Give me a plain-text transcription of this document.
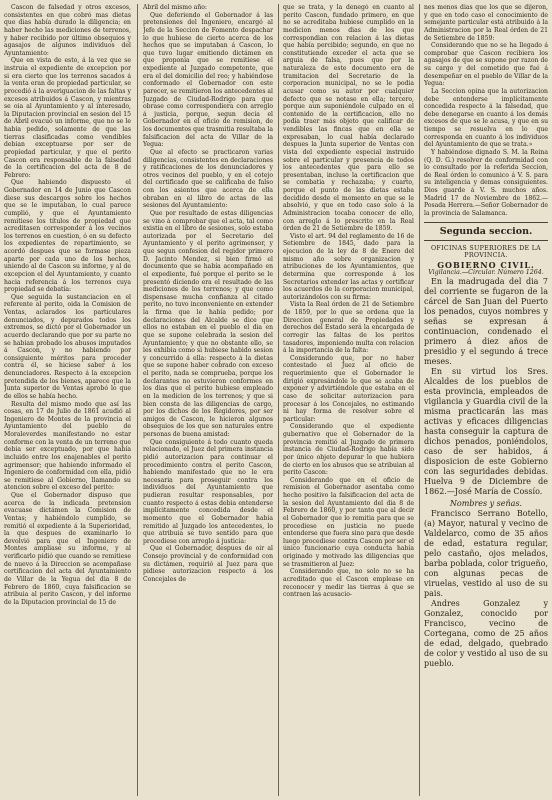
Cascon de falsedad y otros excesos, consistentes en que cobró mas dietas que dias había durado la diligencia; en haber hecho las mediciones de terrenos, y haber recibido por último obsequios y agasajos de algunos individuos del Ayuntamiento:

Que en vista de esto, á la vez que se instruia el expediente de excepcion por si era cierto que los terrenos sacados á la venta eran de propiedad particular, se procedió á la averiguacion de las faltas y excesos atribuidos á Cascon, y mientras se oia al Ayuntamiento y al interesado, la Diputacion provincial en sesion del 15 de Abril evacuó un informe, que no se le habia pedido, solamente de que las tierras clasificadas como vendibles debian exceptuarse por ser de propiedad particular, y que el perito Cascon era responsable de la falsedad de la certificacion del acta de 8 de Febrero:

Que habiendo dispuesto el Gobernador en 14 de Junio que Cascon diese sus descargos sobre los hechos que se le imputaban, lo cual parece cumplió, y que el Ayuntamiento remitiese los títulos de propiedad que acreditasen corresponder á los vecinos los terrenos en cuestion, ó en su defecto los expedientes de repartimiento, se acordó despues que se formase pieza aparte por cada uno de los hechos, uniendo al de Cascon su informe, y al de excepcion el del Ayuntamiento, y cuanto hacia referencia á los terrenos cuya propiedad se debatía:

Que seguida la sustanciacion en el referente al perito, oida la Comision de Ventas, aclarados los particulares denunciados, y depurados todos los extremos, se dictó por el Gobernador un acuerdo declarando que por su parte no se habian probado los abusos imputados á Cascon, y no habiendo por consiguiente méritos para proceder contra él, se hiciese saber á los denunciadores. Respecto á la excepcion pretendida de los bienes, aparece que la Junta superior de Ventas aprobó lo que de ellos se había hecho.

Resulta del mismo modo que así las cosas, en 17 de Julio de 1861 acudió al Ingeniero de Montes de la provincia el Ayuntamiento del pueblo de Moraleverdes manifestando no estar conforme con la venta de un terreno que debia ser exceptuado, por que había incluido entre los enajenables el perito agrimensor; que habiendo informado el Ingeniero de conformidad con ella, pidió se remitiese al Gobierno, llamando su atencion sobre el exceso del perito:

Que el Gobernador dispuso que acerca de la indicada pretension evacuase dictámen la Comision de Ventas; y habiéndolo cumplido, se remitió el expediente á la Superioridad, la que despues de examinarlo lo devolvió para que el Ingeniero de Montes ampliase su informe, y al verificarlo pidió que cuando se remitiese de nuevo á la Direccion se acompañase certificacion del acta del Ayuntamiento de Villar de la Yegua del dia 8 de Febrero de 1860, cuya falsificacion se atribuia al perito Cascon, y del informe de la Diputacion provincial de 15 de

Abril del mismo año:

Que deferiendo el Gobernador á las pretensiones del Ingeniero, encargó al Jefe de la Seccion de Fomento despachar lo que hubiese de cierto acerca de los hechos que se imputaban á Cascon, lo que tuvo lugar emitiendo dictámen en que proponia que se remitiese el expediente al Juzgado competente, que era el del domicilio del reo; y habiéndose conformado el Gobernador con este parecer, se remitieron los antecedentes al Juzgado de Ciudad-Rodrigo para que obrase como correspondiera con arreglo á justicia, porque, segun decia el Gobernador en el oficio de remision, de los documentos que trasmitia resultaba la falsificacion del acta de Villar de la Yegua:

Que al efecto se practicaron varias diligencias, consistentes en declaraciones y ratificaciones de los denunciadores y otros vecinos del pueblo, y en el cotejo del certificado que se calificaba de falso con los asientos que acerca de ella obraban en el libro de actas de las sesiones del Ayuntamiento:

Que por resultado de estas diligencias se vino á comprobar que el acta, tal como existia en el libro de sesiones, solo estaba autorizada por el Secretario del Ayuntamiento y el perito agrimensor, y que segun confesion del regidor primero D. Jacinto Mendez, si bien firmó el documento que se había acompañado en el expediente, fué porque el perito se le presentó diciendo era el resultado de las mediciones de los terrenos; y que como dispensase mucha confianza al citado perito, no tuvo inconveniente en extender la firma que le había pedido; por declaraciones del Alcalde se dice que ellos no estaban en el pueblo el dia en que se supone celebrada la sesion del Ayuntamiento; y que no obstante ello, se les exhibia como si hubiese habido sesion y concurrido á ella: respecto á la dietas que se supone haber cobrado con exceso el perito, nada se comprueba, porque los declarantes no estuvieron conformes en los dias que el perito hubiese empleado en la medicion de los terrenos; y que si bien consta de las diligencias de cargo, por los dichos de los Regidores, por ser amigos de Cascon, le hicieron algunos obsequios de los que son naturales entre personas de buena amistad:

Que consiguiente á todo cuanto queda relacionado, el Juez del primera instancia pidió autorizacion para continuar el procedimiento contra el perito Cascon, habiendo manifestado que no le era necesaria para proseguir contra los individuos del Ayuntamiento que pudieran resultar responsables, por cuanto respecto á estas debia entenderse implícitamente concedida desde el momento que el Gobernador había remitido al Juzgado los antecedentes, lo que atribuia se tuvo sentido para que procediese con arreglo á justicia:

Que el Gobernador, despues de oir al Consejo provincial y de conformidad con su dictámen, requirió al Juez para que pidiese autorizacion respecto á los Concejales de

que se trata, y la denegó en cuanto al perito Cascon, fundado primero, en que no se acreditaba hubiese cumplido en la medicion menos dias de los que correspondian con relacion á las dietas que había percibido; segundo, en que no constitutiendo exceder el acta que se arguia de falsa, pues que por la naturaleza de este documento era de tramitacion del Secretario de la corporacion municipal, no se le podia acusar como su autor por cualquier defecto que se notase en ella; tercero, porque aun suponiéndole culpado en el contenido de la certificacion, ello no podía traer más objeto que calificar de vendibles las fincas que en ella se expresaban, lo cual había declarado despues la Junta superior de Ventas con vista del expediente especial instruido sobre el particular y presencia de todos los antecedentes que para ello se presentaban, incluso la certificacion que se combatia y rechazaba; y cuarto, porque el punto de las dietas estaba decidido desde el momento en que se le absolvió, y que en todo caso solo á la Administracion tocaba conocer de ello, con arreglo á lo prescrito en la Real órden de 21 de Setiembre de 1859.

Visto el art. 94 del reglamento de 16 de Setiembre de 1845, dado para la ejecucion de la ley de 8 de Enero del mismo año sobre organizacion y atribuciones de los Ayuntamientos, que determina que corresponde á los Secretarios extender las actas y certificar los acuerdos de la corporacion municipal, autorizándolos con su firma:

Vista la Real órden de 21 de Setiembre de 1859, por lo que se ordena que la Direccion general de Propiedades y derechos del Estado será la encargada de corregir las faltas de los peritos tasadores, imponiendo multa con relacion á la importancia de la falta:

Considerando que, por no haber contestado el Juez al oficio de requerimiento que el Gobernador le dirigió expresándole lo que se acaba de exponer y advirtiéndole que estaba en el caso de solicitar autorizacion para procesar á los Concejales, no estimando ni hay forma de resolver sobre el particular:

Considerando que el expediente gubernativo que el Gobernador de la provincia remitió al Juzgado de primera instancia de Ciudad-Rodrigo había sido por único objeto depurar lo que hubiera de cierto en los abusos que se atribuian al perito Cascon:

Considerando que en el oficio de remision el Gobernador asentaba como hecho positivo la falsificacion del acta de la sesion del Ayuntamiento del dia 8 de Febrero de 1860, y por tanto que al decir el Gobernador que lo remitia para que se procediese en justicia no puede entenderse que fuera sino para que desde luego procediese contra Cascon por ser el único funcionario cuya conducta había originado y motivado las diligencias que se trasmitieron al Juez:

Considerando que, no solo no se ha acreditado que el Cascon emplease en reconocer y medir las tierras á que se contraen las acusacio-

nes menos dias que los que se dijeron, y que en todo caso el conocimiento de semejante particular está atribuido á la Administracion por la Real órden de 21 de Setiembre de 1859:

Considerando que no se ha llegado á comprobar que Cascon recibiera los agasajos de que se supone por razon de su cargo y del cometido que fué á desempeñar en el pueblo de Villar de la Yegua:

La Seccion opina que la autorizacion debe entenderse implícitamente concedida respecto á la falsedad, que debe denegarse en cuanto á los demás excesos de que se le acusa, y que en su tiempo se resuelva en lo que corresponda en cuanto á los individuos del Ayuntamiento de que se trata.»

Y habiéndose dignado S. M. la Reina (Q. D. G.) resolver de conformidad con lo consultado por la referida Seccion, de Real órden lo comunico á V. S. para su inteligencia y demas consiguientes. Dios guarde á V. S. muchos años. Madrid 17 de Noviembre de 1862.—Posada Herrera.—Señor Gobernador de la provincia de Salamanca.

Segunda seccion.
OFICINAS SUPERIORES DE LA PROVINCIA.
GOBIERNO CIVIL.
Vigilancia.—Circular. Número 1264.

En la madrugada del dia 7 del corriente se fugaron de la cárcel de San Juan del Puerto los penados, cuyos nombres y señas se expresan á continuacion, condenado el primero á diez años de presidio y el segundo á trece meses.

En su virtud los Sres. Alcaldes de los pueblos de esta provincia, empleados de vigilancia y Guardia civil de la misma practicarán las mas activas y eficaces diligencias hasta conseguir la captura de dichos penados, poniéndolos, caso de ser habidos, á disposicion de este Gobierno con las seguridades debidas. Huelva 9 de Diciembre de 1862.—José María de Cossío.

Nombres y señas.

Francisco Serrano Botello, (a) Mayor, natural y vecino de Valdelarco, como de 35 años de edad, estatura regular, pelo castaño, ojos melados, barba poblada, color trigueño, con algunas pecas de viruelas, vestido al uso de su pais.

Andres Gonzalez y Gonzalez, conocido por Francisco, vecino de Cortegana, como de 25 años de edad, delgado, quebrado de color y vestido al uso de su pueblo.
